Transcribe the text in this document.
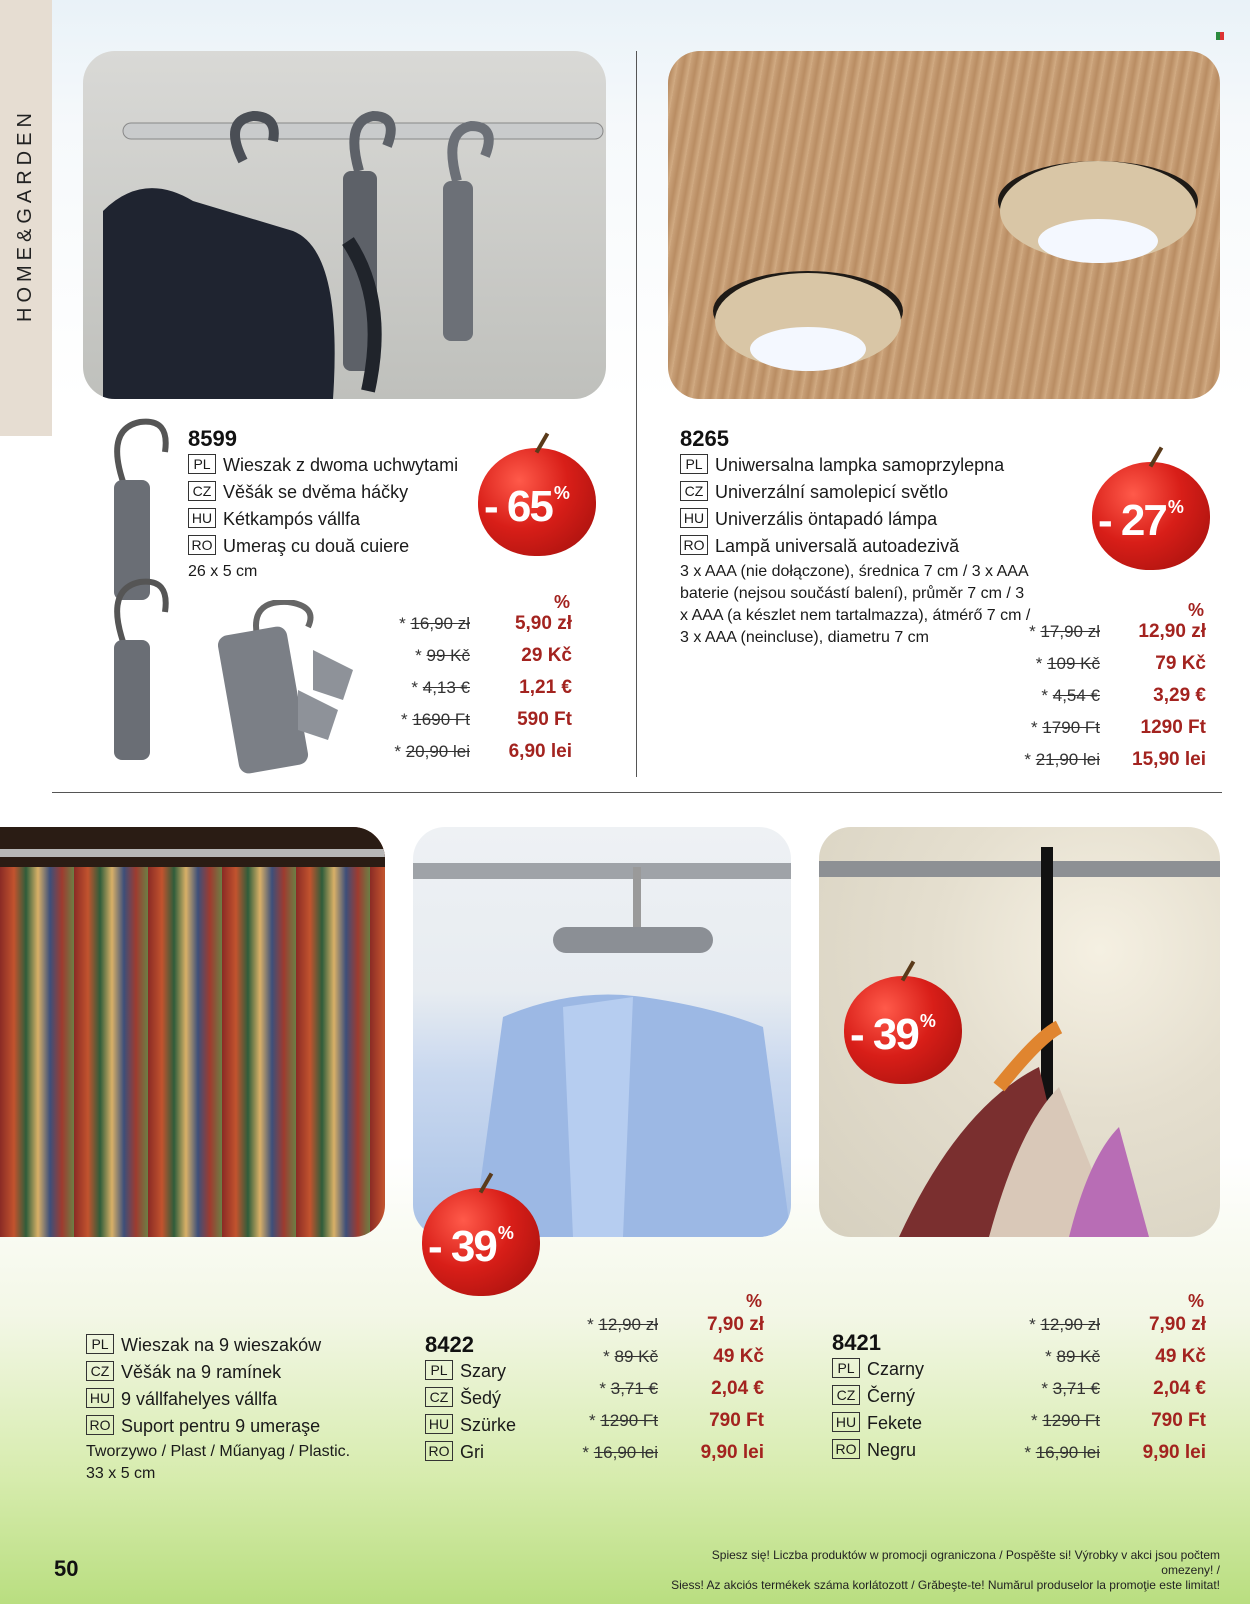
HOME&GARDEN
8599
PL Wieszak z dwoma uchwytami
CZ Věšák se dvěma háčky
HU Kétkampós vállfa
RO Umeraş cu două cuiere
26 x 5 cm
- 65 %
%
* 16,90 zł
* 99 Kč
* 4,13 €
* 1690 Ft
* 20,90 lei
5,90 zł
29 Kč
1,21 €
590 Ft
6,90 lei
8265
PL Uniwersalna lampka samoprzylepna
CZ Univerzální samolepicí světlo
HU Univerzális öntapadó lámpa
RO Lampă universală autoadezivă
3 x AAA (nie dołączone), średnica 7 cm / 3 x AAA
baterie (nejsou součástí balení), průměr 7 cm / 3
x AAA (a készlet nem tartalmazza), átmérő 7 cm /
3 x AAA (neincluse), diametru 7 cm
- 27 %
%
* 17,90 zł
* 109 Kč
* 4,54 €
* 1790 Ft
* 21,90 lei
12,90 zł
79 Kč
3,29 €
1290 Ft
15,90 lei
PL Wieszak na 9 wieszaków
CZ Věšák na 9 ramínek
HU 9 vállfahelyes vállfa
RO Suport pentru 9 umeraşe
Tworzywo / Plast / Műanyag / Plastic.
33 x 5 cm
- 39 %
8422
PL Szary
CZ Šedý
HU Szürke
RO Gri
%
* 12,90 zł
* 89 Kč
* 3,71 €
* 1290 Ft
* 16,90 lei
7,90 zł
49 Kč
2,04 €
790 Ft
9,90 lei
- 39 %
8421
PL Czarny
CZ Černý
HU Fekete
RO Negru
%
* 12,90 zł
* 89 Kč
* 3,71 €
* 1290 Ft
* 16,90 lei
7,90 zł
49 Kč
2,04 €
790 Ft
9,90 lei
50
Spiesz się! Liczba produktów w promocji ograniczona / Pospěšte si! Výrobky v akci jsou počtem omezeny! /
Siess! Az akciós termékek száma korlátozott / Grăbeşte-te! Numărul produselor la promoţie este limitat!
